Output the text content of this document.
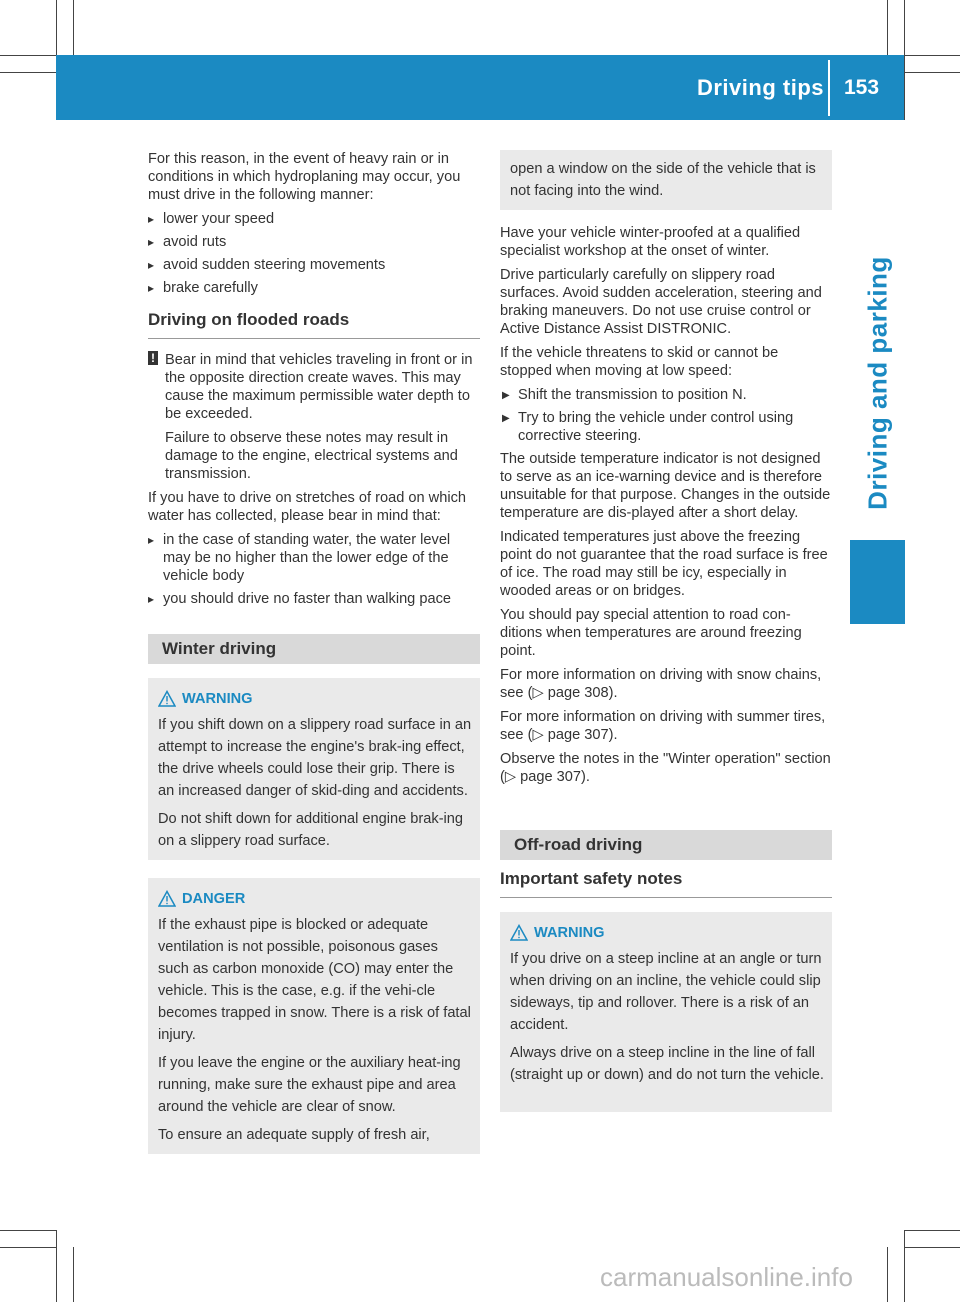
Driving tips 153
Driving and parking

For this reason, in the event of heavy rain or in conditions in which hydroplaning may occur, you must drive in the following manner:

▸ lower your speed
▸ avoid ruts
▸ avoid sudden steering movements
▸ brake carefully
Driving on flooded roads
! Bear in mind that vehicles traveling in front or in the opposite direction create waves. This may cause the maximum permissible water depth to be exceeded.
Failure to observe these notes may result in damage to the engine, electrical systems and transmission.

If you have to drive on stretches of road on which water has collected, please bear in mind that:

▸ in the case of standing water, the water level may be no higher than the lower edge of the vehicle body
▸ you should drive no faster than walking pace
Winter driving
WARNING

If you shift down on a slippery road surface in an attempt to increase the engine's brak-ing effect, the drive wheels could lose their grip. There is an increased danger of skid-ding and accidents.

Do not shift down for additional engine brak-ing on a slippery road surface.

DANGER

If the exhaust pipe is blocked or adequate ventilation is not possible, poisonous gases such as carbon monoxide (CO) may enter the vehicle. This is the case, e.g. if the vehi-cle becomes trapped in snow. There is a risk of fatal injury.

If you leave the engine or the auxiliary heat-ing running, make sure the exhaust pipe and area around the vehicle are clear of snow.

To ensure an adequate supply of fresh air,

open a window on the side of the vehicle that is not facing into the wind.

Have your vehicle winter-proofed at a qualified specialist workshop at the onset of winter.

Drive particularly carefully on slippery road surfaces. Avoid sudden acceleration, steering and braking maneuvers. Do not use cruise control or Active Distance Assist DISTRONIC.

If the vehicle threatens to skid or cannot be stopped when moving at low speed:

▶ Shift the transmission to position N.
▶ Try to bring the vehicle under control using corrective steering.

The outside temperature indicator is not designed to serve as an ice-warning device and is therefore unsuitable for that purpose. Changes in the outside temperature are dis-played after a short delay.

Indicated temperatures just above the freezing point do not guarantee that the road surface is free of ice. The road may still be icy, especially in wooded areas or on bridges.

You should pay special attention to road con-ditions when temperatures are around freezing point.

For more information on driving with snow chains, see (▷ page 308).

For more information on driving with summer tires, see (▷ page 307).

Observe the notes in the "Winter operation" section (▷ page 307).

Off-road driving
Important safety notes
WARNING

If you drive on a steep incline at an angle or turn when driving on an incline, the vehicle could slip sideways, tip and rollover. There is a risk of an accident.

Always drive on a steep incline in the line of fall (straight up or down) and do not turn the vehicle.

carmanualsonline.info
